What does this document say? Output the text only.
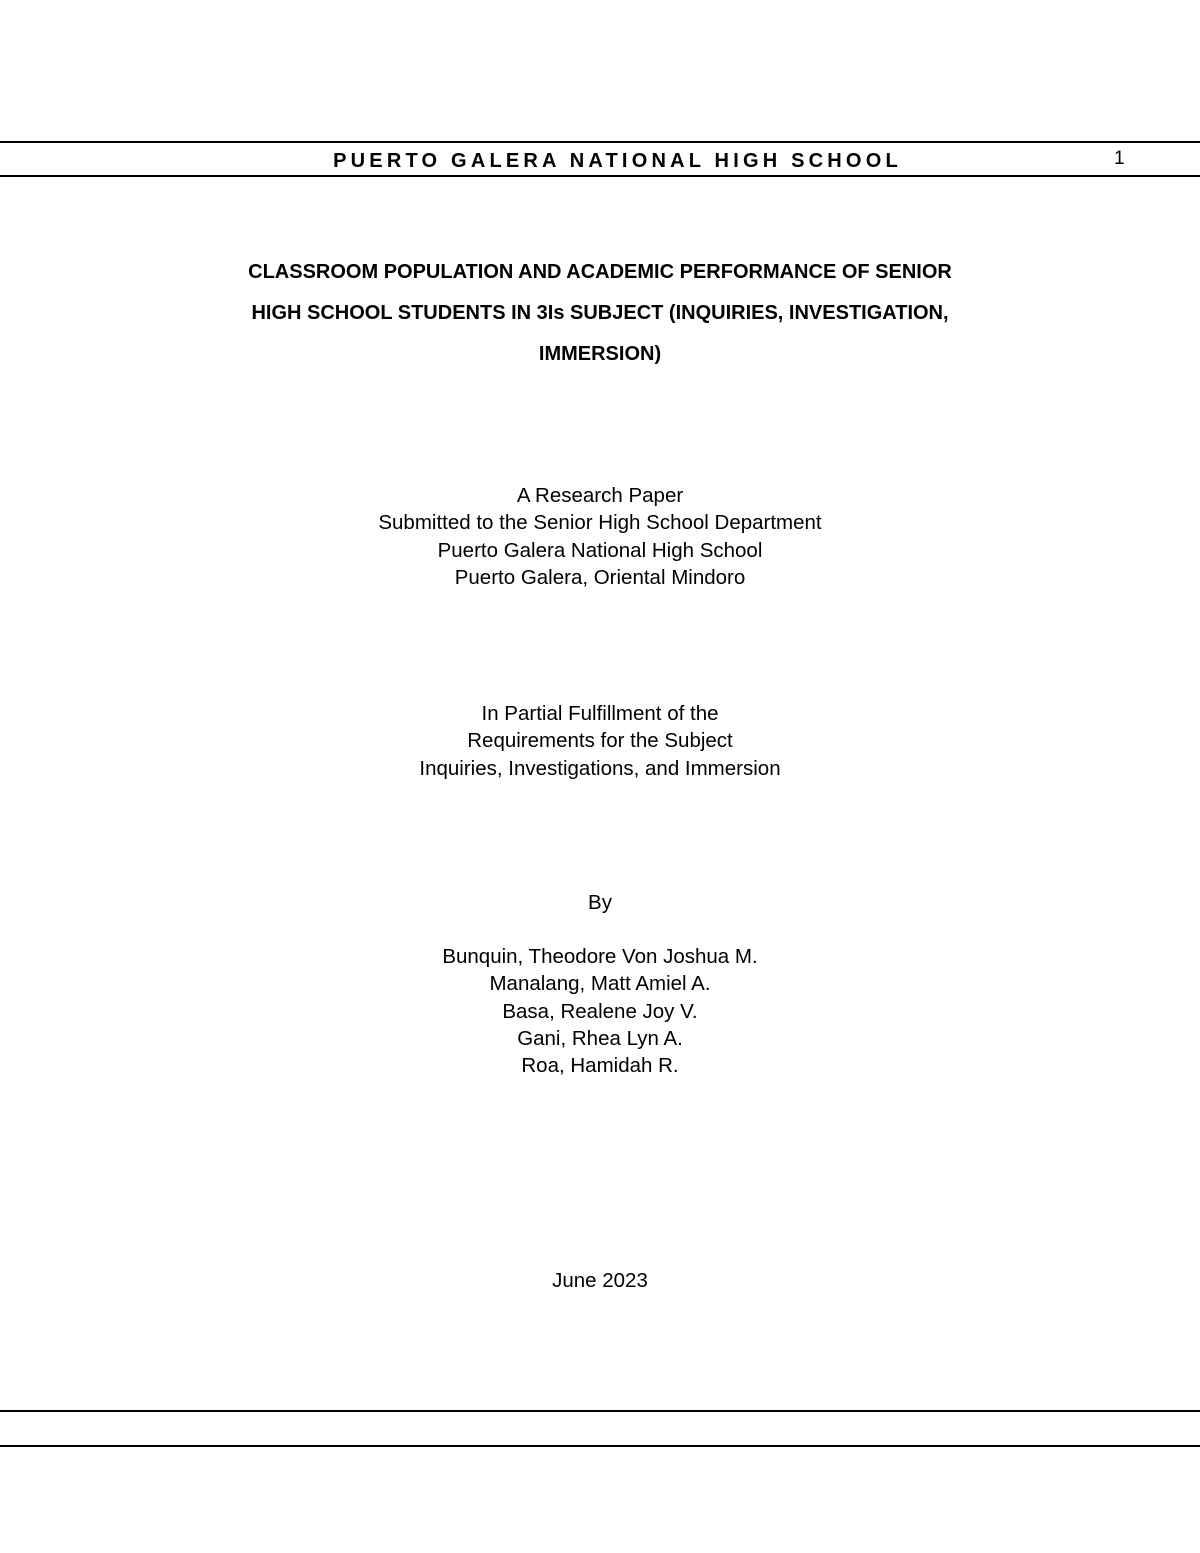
PUERTO GALERA NATIONAL HIGH SCHOOL	1
CLASSROOM POPULATION AND ACADEMIC PERFORMANCE OF SENIOR
HIGH SCHOOL STUDENTS IN 3Is SUBJECT (INQUIRIES, INVESTIGATION,
IMMERSION)
A Research Paper
Submitted to the Senior High School Department
Puerto Galera National High School
Puerto Galera, Oriental Mindoro
In Partial Fulfillment of the
Requirements for the Subject
Inquiries, Investigations, and Immersion
By
Bunquin, Theodore Von Joshua M.
Manalang, Matt Amiel A.
Basa, Realene Joy V.
Gani, Rhea Lyn A.
Roa, Hamidah R.
June 2023
